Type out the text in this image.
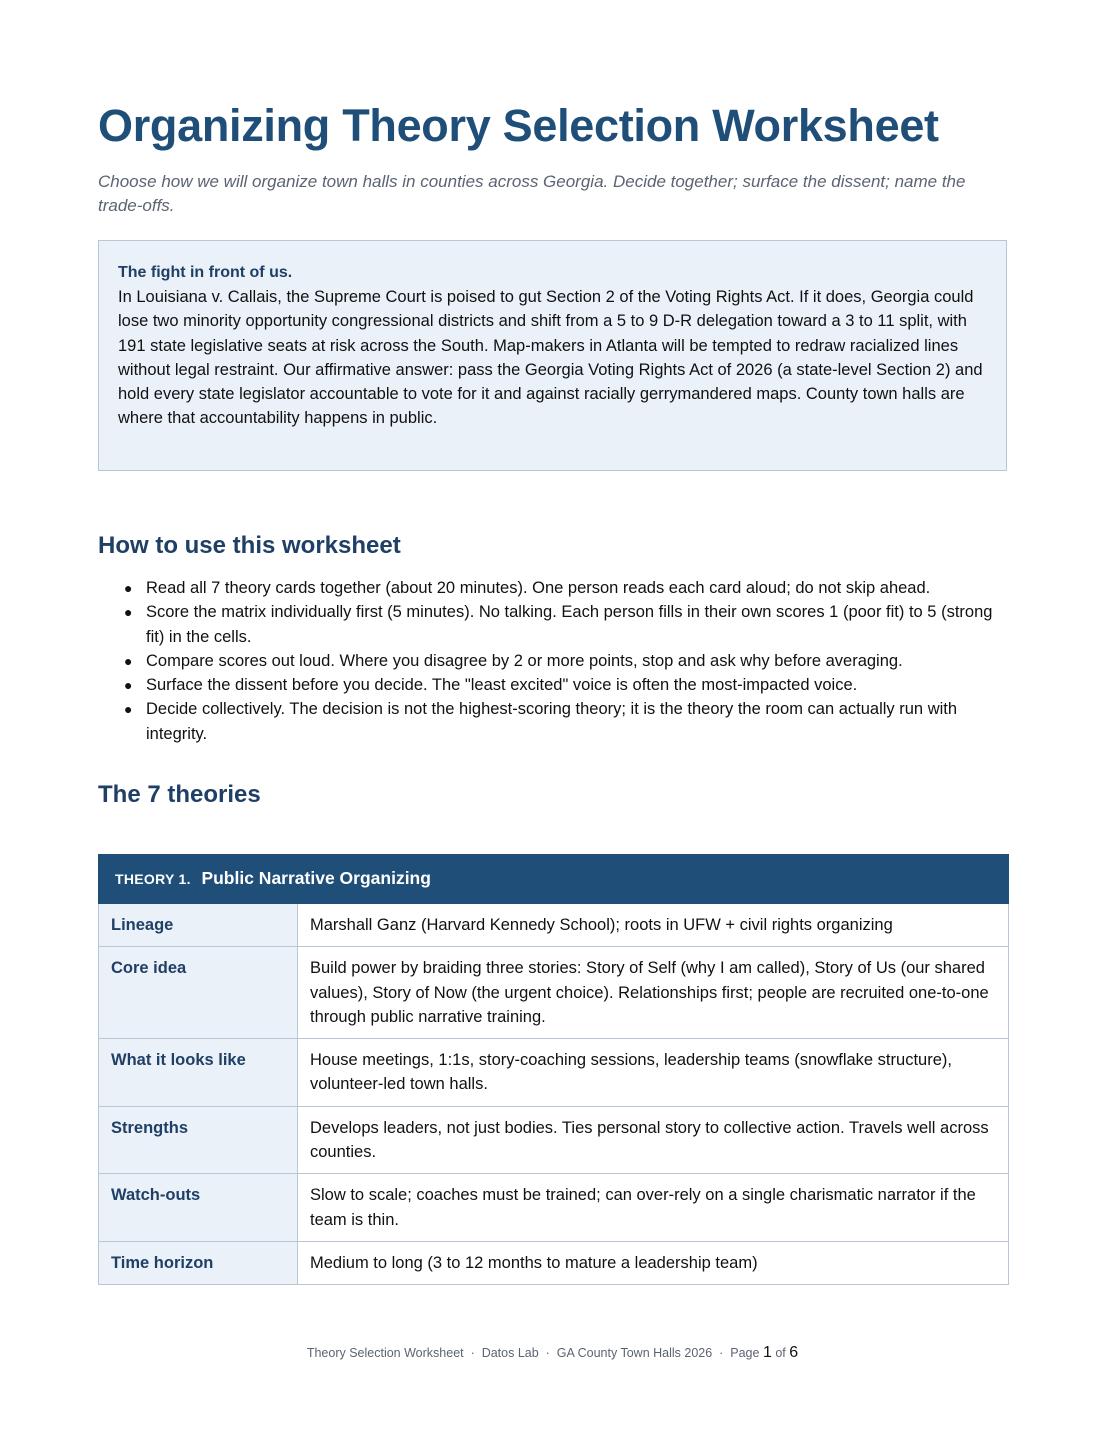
Organizing Theory Selection Worksheet
Choose how we will organize town halls in counties across Georgia. Decide together; surface the dissent; name the trade-offs.
The fight in front of us.
In Louisiana v. Callais, the Supreme Court is poised to gut Section 2 of the Voting Rights Act. If it does, Georgia could lose two minority opportunity congressional districts and shift from a 5 to 9 D-R delegation toward a 3 to 11 split, with 191 state legislative seats at risk across the South. Map-makers in Atlanta will be tempted to redraw racialized lines without legal restraint. Our affirmative answer: pass the Georgia Voting Rights Act of 2026 (a state-level Section 2) and hold every state legislator accountable to vote for it and against racially gerrymandered maps. County town halls are where that accountability happens in public.
How to use this worksheet
● Read all 7 theory cards together (about 20 minutes). One person reads each card aloud; do not skip ahead.
● Score the matrix individually first (5 minutes). No talking. Each person fills in their own scores 1 (poor fit) to 5 (strong fit) in the cells.
● Compare scores out loud. Where you disagree by 2 or more points, stop and ask why before averaging.
● Surface the dissent before you decide. The "least excited" voice is often the most-impacted voice.
● Decide collectively. The decision is not the highest-scoring theory; it is the theory the room can actually run with integrity.
The 7 theories
THEORY 1. Public Narrative Organizing	
Lineage	Marshall Ganz (Harvard Kennedy School); roots in UFW + civil rights organizing
Core idea	Build power by braiding three stories: Story of Self (why I am called), Story of Us (our shared values), Story of Now (the urgent choice). Relationships first; people are recruited one-to-one through public narrative training.
What it looks like	House meetings, 1:1s, story-coaching sessions, leadership teams (snowflake structure), volunteer-led town halls.
Strengths	Develops leaders, not just bodies. Ties personal story to collective action. Travels well across counties.
Watch-outs	Slow to scale; coaches must be trained; can over-rely on a single charismatic narrator if the team is thin.
Time horizon	Medium to long (3 to 12 months to mature a leadership team)
Theory Selection Worksheet · Datos Lab · GA County Town Halls 2026 · Page 1 of 6
